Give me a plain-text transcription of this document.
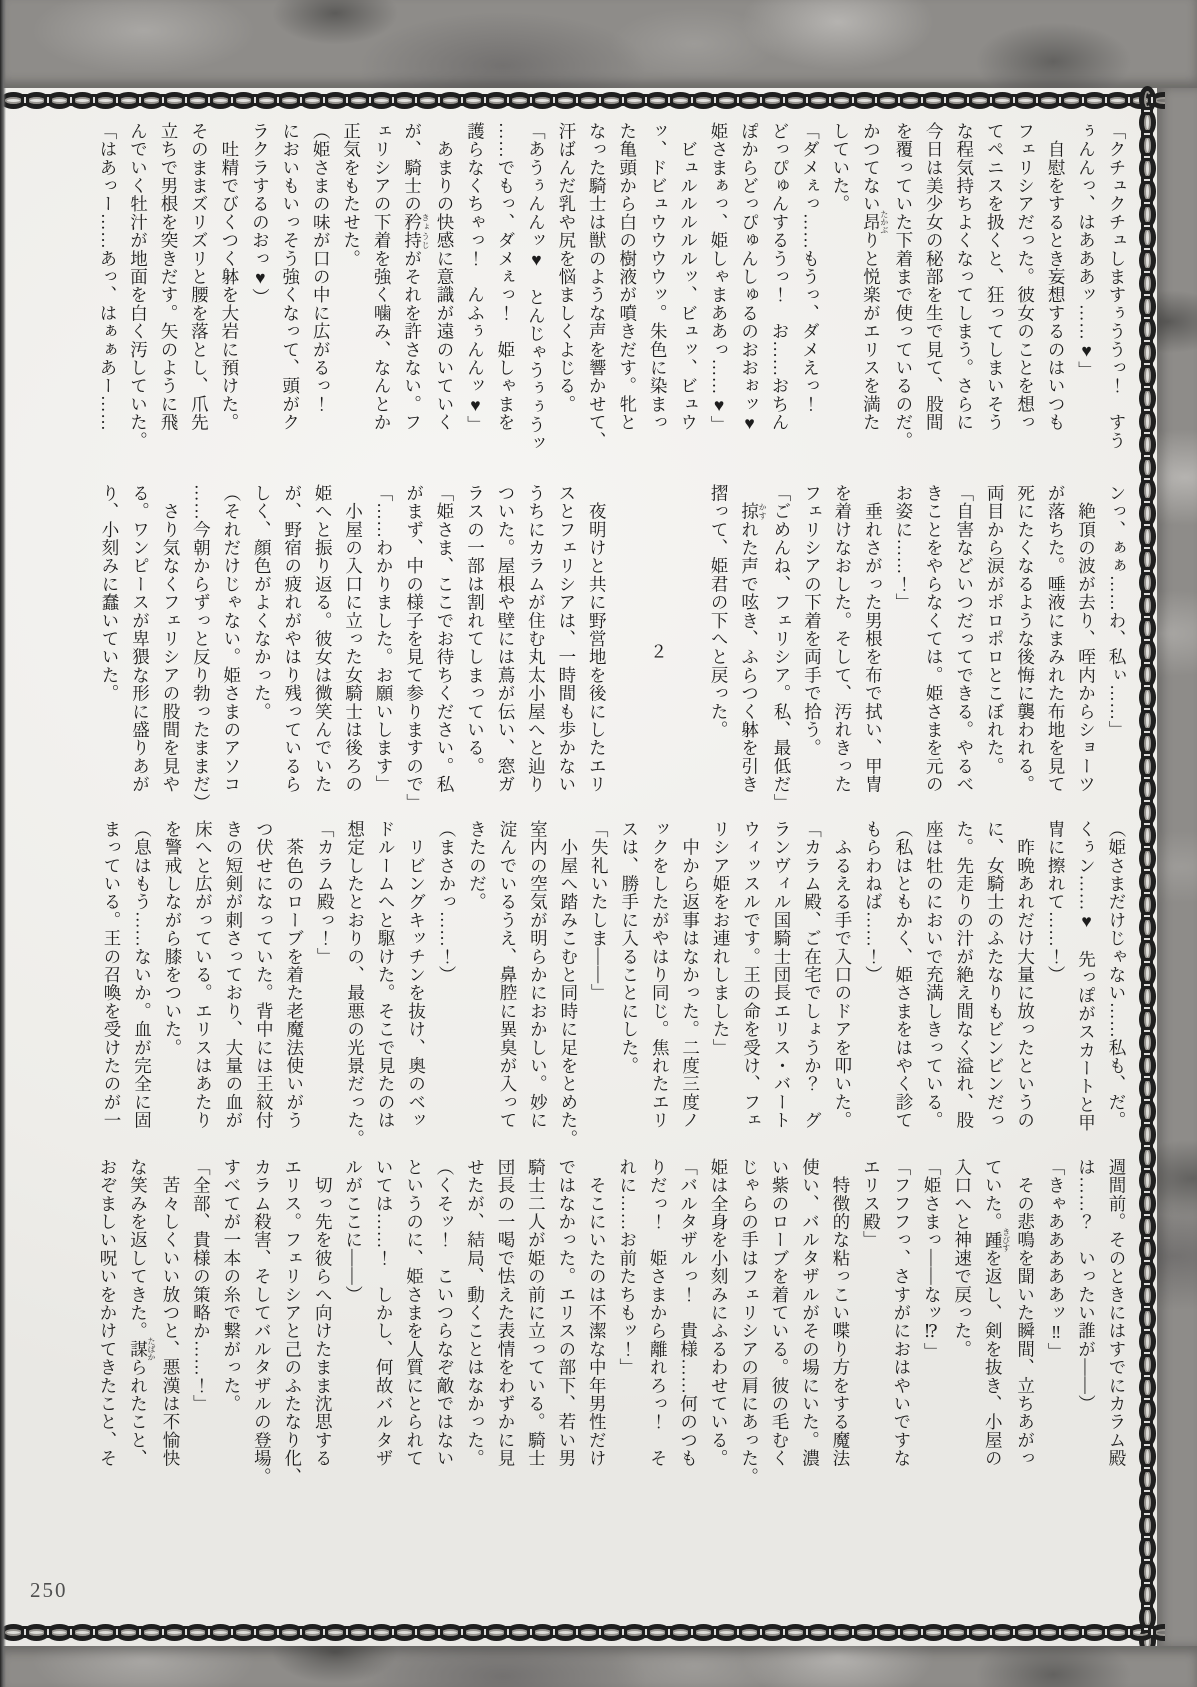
「クチュクチュしますぅううっ！　すう
ぅんんっ、はあああッ……♥」
　自慰をするとき妄想するのはいつも
フェリシアだった。彼女のことを想っ
てペニスを扱くと、狂ってしまいそう
な程気持ちよくなってしまう。さらに
今日は美少女の秘部を生で見て、股間
を覆っていた下着まで使っているのだ。
かつてない昂たかぶりと悦楽がエリスを満た
していた。
「ダメぇっ……もうっ、ダメえっ！
どっぴゅんするうっ！　お……おちん
ぽからどっぴゅんしゅるのおおぉッ♥
姫さまぁっ、姫しゃまああっ……♥」
　ビュルルルルルッ、ビュッ、ビュウ
ッ、ドビュウウウウッ。朱色に染まっ
た亀頭から白の樹液が噴きだす。牝と
なった騎士は獣のような声を響かせて、
汗ばんだ乳や尻を悩ましくよじる。
「あうぅんんッ♥　とんじゃうぅぅうッ
……でもっ、ダメぇっ！　姫しゃまを
護らなくちゃっ！　んふぅんんッ♥」
　あまりの快感に意識が遠のいていく
が、騎士の矜持きょうじがそれを許さない。フ
ェリシアの下着を強く噛み、なんとか
正気をもたせた。
（姫さまの味が口の中に広がるっ！
においもいっそう強くなって、頭がク
ラクラするのおっ♥）
　吐精でびくつく躰を大岩に預けた。
そのままズリズリと腰を落とし、爪先
立ちで男根を突きだす。矢のように飛
んでいく牡汁が地面を白く汚していた。
「はあっー……あっ、はぁぁあー……
ンっ、ぁぁ……わ、私ぃ……」
　絶頂の波が去り、咥内からショーツ
が落ちた。唾液にまみれた布地を見て
死にたくなるような後悔に襲われる。
両目から涙がポロポロとこぼれた。
「自害などいつだってできる。やるべ
きことをやらなくては。姫さまを元の
お姿に……！」
　垂れさがった男根を布で拭い、甲冑
を着けなおした。そして、汚れきった
フェリシアの下着を両手で拾う。
「ごめんね、フェリシア。私、最低だ」
　掠かすれた声で呟き、ふらつく躰を引き
摺って、姫君の下へと戻った。

２

　夜明けと共に野営地を後にしたエリ
スとフェリシアは、一時間も歩かない
うちにカラムが住む丸太小屋へと辿り
ついた。屋根や壁には蔦が伝い、窓ガ
ラスの一部は割れてしまっている。
「姫さま、ここでお待ちください。私
がまず、中の様子を見て参りますので」
「……わかりました。お願いします」
　小屋の入口に立った女騎士は後ろの
姫へと振り返る。彼女は微笑んでいた
が、野宿の疲れがやはり残っているら
しく、顔色がよくなかった。
（それだけじゃない。姫さまのアソコ
……今朝からずっと反り勃ったままだ）
　さり気なくフェリシアの股間を見や
る。ワンピースが卑猥な形に盛りあが
り、小刻みに蠢いていた。
（姫さまだけじゃない……私も、だ。
くぅン……♥　先っぽがスカートと甲
冑に擦れて……！）
　昨晩あれだけ大量に放ったというの
に、女騎士のふたなりもビンビンだっ
た。先走りの汁が絶え間なく溢れ、股
座は牡のにおいで充満しきっている。
（私はともかく、姫さまをはやく診て
もらわねば……！）
　ふるえる手で入口のドアを叩いた。
「カラム殿、ご在宅でしょうか？　グ
ランヴィル国騎士団長エリス・バート
ウィッスルです。王の命を受け、フェ
リシア姫をお連れしました」
　中から返事はなかった。二度三度ノ
ックをしたがやはり同じ。焦れたエリ
スは、勝手に入ることにした。
「失礼いたしま——」
　小屋へ踏みこむと同時に足をとめた。
室内の空気が明らかにおかしい。妙に
淀んでいるうえ、鼻腔に異臭が入って
きたのだ。
（まさかっ……！）
　リビングキッチンを抜け、奥のベッ
ドルームへと駆けた。そこで見たのは
想定したとおりの、最悪の光景だった。
「カラム殿っ！」
　茶色のローブを着た老魔法使いがう
つ伏せになっていた。背中には王紋付
きの短剣が刺さっており、大量の血が
床へと広がっている。エリスはあたり
を警戒しながら膝をついた。
（息はもう……ないか。血が完全に固
まっている。王の召喚を受けたのが一
週間前。そのときにはすでにカラム殿
は……？　いったい誰が——）
「きゃあああああッ‼」
　その悲鳴を聞いた瞬間、立ちあがっ
ていた。踵きびすを返し、剣を抜き、小屋の
入口へと神速で戻った。
「姫さまっ——なッ⁉」
「フフフっ、さすがにおはやいですな
エリス殿」
　特徴的な粘っこい喋り方をする魔法
使い、バルタザルがその場にいた。濃
い紫のローブを着ている。彼の毛むく
じゃらの手はフェリシアの肩にあった。
姫は全身を小刻みにふるわせている。
「バルタザルっ！　貴様……何のつも
りだっ！　姫さまから離れろっ！　そ
れに……お前たちもッ！」
　そこにいたのは不潔な中年男性だけ
ではなかった。エリスの部下、若い男
騎士二人が姫の前に立っている。騎士
団長の一喝で怯えた表情をわずかに見
せたが、結局、動くことはなかった。
（くそッ！　こいつらなぞ敵ではない
というのに、姫さまを人質にとられて
いては……！　しかし、何故バルタザ
ルがここに——）
　切っ先を彼らへ向けたまま沈思する
エリス。フェリシアと己のふたなり化、
カラム殺害、そしてバルタザルの登場。
すべてが一本の糸で繋がった。
「全部、貴様の策略か……！」
　苦々しくいい放つと、悪漢は不愉快
な笑みを返してきた。謀たばかられたこと、
おぞましい呪いをかけてきたこと、そ
250
